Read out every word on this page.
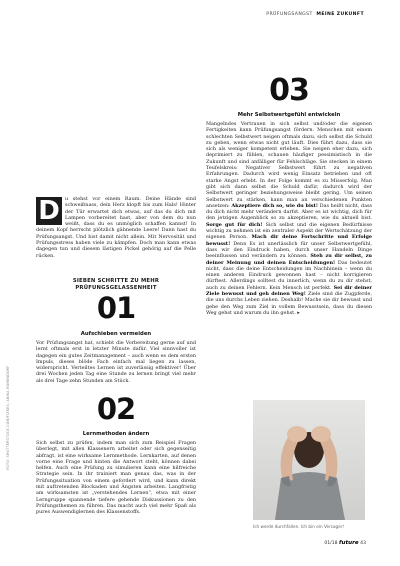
PRÜFUNGSANGST MEINE ZUKUNFT
FOTO: SHUTTERSTOCK.COM/FIZKES; ANIKA HOHENDORF
D	u stehst vor einem Raum. Deine Hände sind schweißnass, dein Herz klopft bis zum Hals! Hinter der Tür erwartet dich etwas, auf das du dich mit Lampen vorbereitet hast, aber von dem du nun weißt, dass du es unmöglich schaffen kannst! In deinem Kopf herrscht plötzlich gähnende Leere! Dann hast du Prüfungsangst. Und bist damit nicht allein. Mit Nervosität und Prüfungsstress haben viele zu kämpfen. Doch man kann etwas dagegen tun und diesem lästigen Pickel gehörig auf die Pelle rücken.
SIEBEN SCHRITTE ZU MEHR
PRÜFUNGSGELASSENHEIT
01
Aufschieben vermeiden
Vor Prüfungsangst hat, schiebt die Vorbereitung gerne auf und lernt oftmals erst in letzter Minute dafür. Viel sinnvoller ist dagegen ein gutes Zeitmanagement – auch wenn es dem ersten Impuls, dieses blöde Fach einfach mal liegen zu lassen, widerspricht. Verteiltes Lernen ist zuverlässig effektiver! Über drei Wochen jeden Tag eine Stunde zu lernen bringt viel mehr als drei Tage zehn Stunden am Stück.
02
Lernmethoden ändern
Sich selbst zu prüfen, indem man sich zum Beispiel Fragen überlegt, mit allen Klassenern arbeitet oder sich gegenseitig abfragt, ist eine wirksame Lernmethode. Lernkarten, auf denen vorne eine Frage und hinten die Antwort steht, können dabei helfen. Auch eine Prüfung zu simulieren kann eine hilfreiche Strategie sein. In ihr trainiert man genau das, was in der Prüfungssituation von einem gefordert wird, und kann direkt mit auftretenden Blockaden und Ängsten arbeiten. Langfristig am wirksamsten ist „verstehendes Lernen“, etwa mit einer Lerngruppe spannende tiefere gehende Diskussionen zu den Prüfungsthemen zu führen. Das macht auch viel mehr Spaß als pures Auswendiglernen des Klassenstoffs.
03
Mehr Selbstwertgefühl entwickeln
Mangelndes Vertrauen in sich selbst und/oder die eigenen Fertigkeiten kann Prüfungsangst fördern. Menschen mit einem schlechten Selbstwert neigen oftmals dazu, sich selbst die Schuld zu geben, wenn etwas nicht gut läuft. Dies führt dazu, dass sie sich als weniger kompetent erleben. Sie neigen eher dazu, sich deprimiert zu fühlen, schauen häufiger pessimistisch in die Zukunft und sind anfälliger für Fehlschläge. Sie stecken in einem Teufelskreis: Negativer Selbstwert führt zu negativen Erfahrungen. Dadurch wird wenig Einsatz betrieben und oft starke Angst erlebt. In der Folge kommt es zu Misserfolg. Man gibt sich dann selbst die Schuld dafür, dadurch wird der Selbstwert geringer beziehungsweise bleibt gering. Um seinen Selbstwert zu stärken, kann man an verschiedenen Punkten ansetzen: Akzeptiere dich so, wie du bist! Das heißt nicht, dass du dich nicht mehr verändern darfst. Aber es ist wichtig, dich für den jetzigen Augenblick so zu akzeptieren, wie du aktuell bist. Sorge gut für dich! Sich selbst und die eigenen Bedürfnisse wichtig zu nehmen ist ein zentraler Aspekt der Wertschätzung der eigenen Person. Mach dir deine Fortschritte und Erfolge bewusst! Denn Es ist unerlässlich für unser Selbstwertgefühl, dass wir den Eindruck haben, durch unser Handeln Dinge beeinflussen und verändern zu können. Steh zu dir selbst, zu deiner Meinung und deinen Entscheidungen! Das bedeutet nicht, dass die deine Entscheidungen im Nachhinein – wenn du einen anderen Eindruck gewonnen hast – nicht korrigieren dürftest. Allerdings solltest du innerlich, wenn du zu dir stehst, auch zu deinen Fehlern. Kein Mensch ist perfekt. Sei dir deiner Ziele bewusst und geh deinen Weg! Ziele sind die Zugpferde, die uns durchs Leben ziehen. Deshalb! Mache sie dir bewusst und gehe den Weg zum Ziel in vollem Bewusstsein, dass du diesen Weg gehst und warum du ihn gehst. ▸
Ich werde durchfallen. Ich bin ein Versager!
01/18 future 43
